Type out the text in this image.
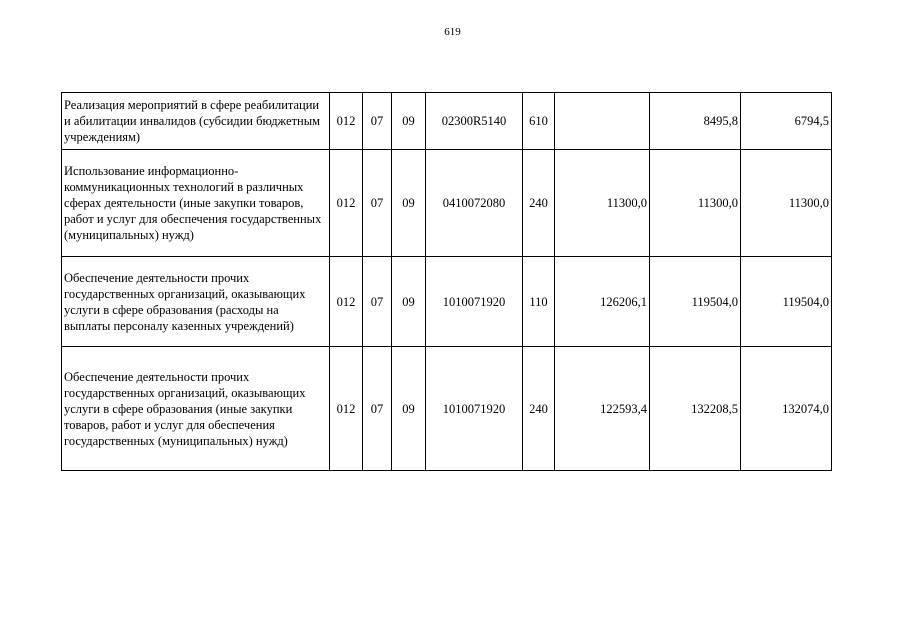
619
Реализация мероприятий в сфере реабилитации и абилитации инвалидов (субсидии бюджетным учреждениям)	012	07	09	02300R5140	610		8495,8	6794,5
Использование информационно-коммуникационных технологий в различных сферах деятельности (иные закупки товаров, работ и услуг для обеспечения государственных (муниципальных) нужд)	012	07	09	0410072080	240	11300,0	11300,0	11300,0
Обеспечение деятельности прочих государственных организаций, оказывающих услуги в сфере образования (расходы на выплаты персоналу казенных учреждений)	012	07	09	1010071920	110	126206,1	119504,0	119504,0
Обеспечение деятельности прочих государственных организаций, оказывающих услуги в сфере образования (иные закупки товаров, работ и услуг для обеспечения государственных (муниципальных) нужд)	012	07	09	1010071920	240	122593,4	132208,5	132074,0
